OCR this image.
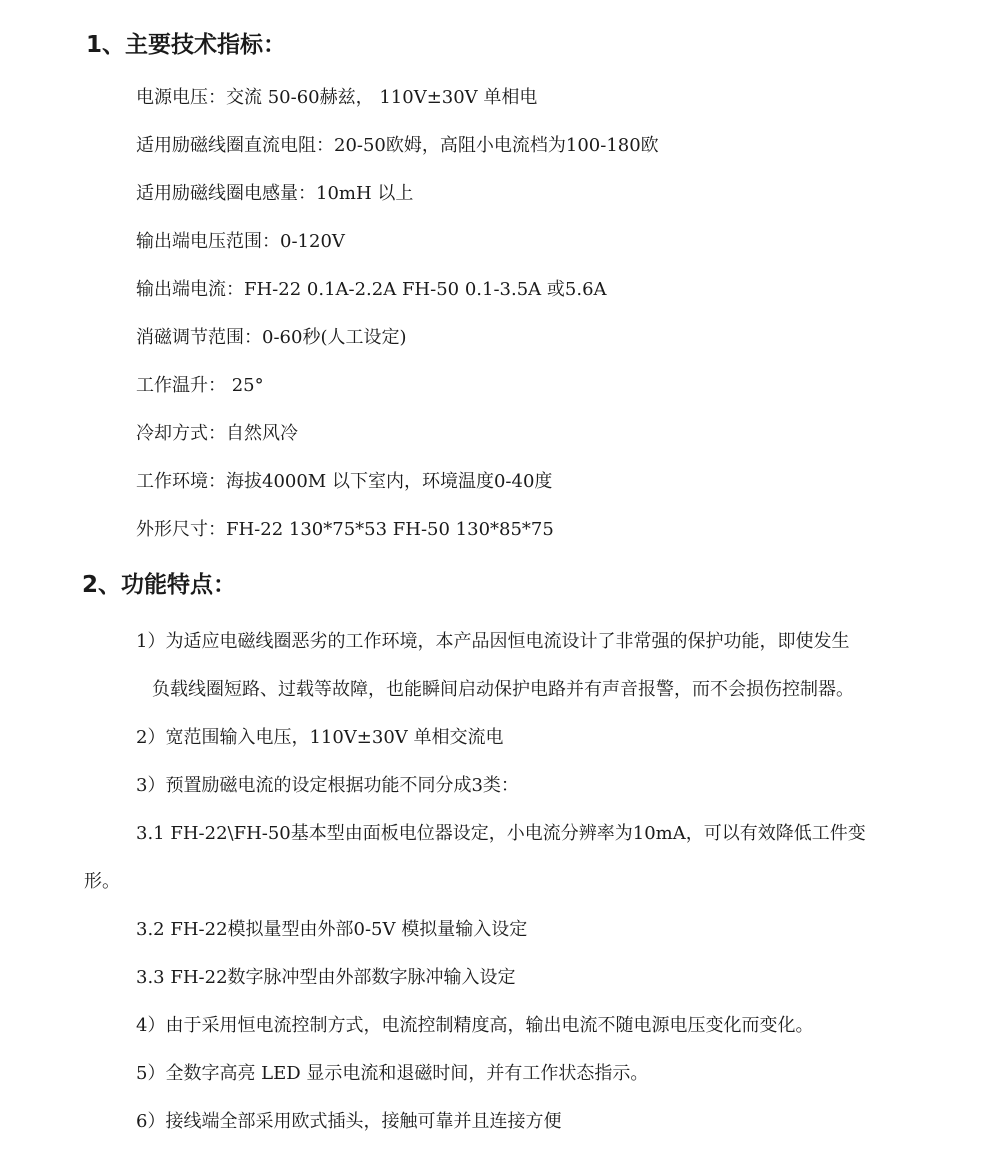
1、主要技术指标：

电源电压：交流 50-60赫兹， 110V±30V 单相电

适用励磁线圈直流电阻：20-50欧姆，高阻小电流档为100-180欧

适用励磁线圈电感量：10mH 以上

输出端电压范围：0-120V

输出端电流：FH-22 0.1A-2.2A FH-50 0.1-3.5A 或5.6A

消磁调节范围：0-60秒(人工设定)

工作温升： 25°

冷却方式：自然风冷

工作环境：海拔4000M 以下室内，环境温度0-40度

外形尺寸：FH-22 130*75*53 FH-50 130*85*75

2、功能特点：

1）为适应电磁线圈恶劣的工作环境，本产品因恒电流设计了非常强的保护功能，即使发生

负载线圈短路、过载等故障，也能瞬间启动保护电路并有声音报警，而不会损伤控制器。

2）宽范围输入电压，110V±30V 单相交流电

3）预置励磁电流的设定根据功能不同分成3类：

3.1 FH-22\FH-50基本型由面板电位器设定，小电流分辨率为10mA，可以有效降低工件变

形。

3.2 FH-22模拟量型由外部0-5V 模拟量输入设定

3.3 FH-22数字脉冲型由外部数字脉冲输入设定

4）由于采用恒电流控制方式，电流控制精度高，输出电流不随电源电压变化而变化。

5）全数字高亮 LED 显示电流和退磁时间，并有工作状态指示。

6）接线端全部采用欧式插头，接触可靠并且连接方便
